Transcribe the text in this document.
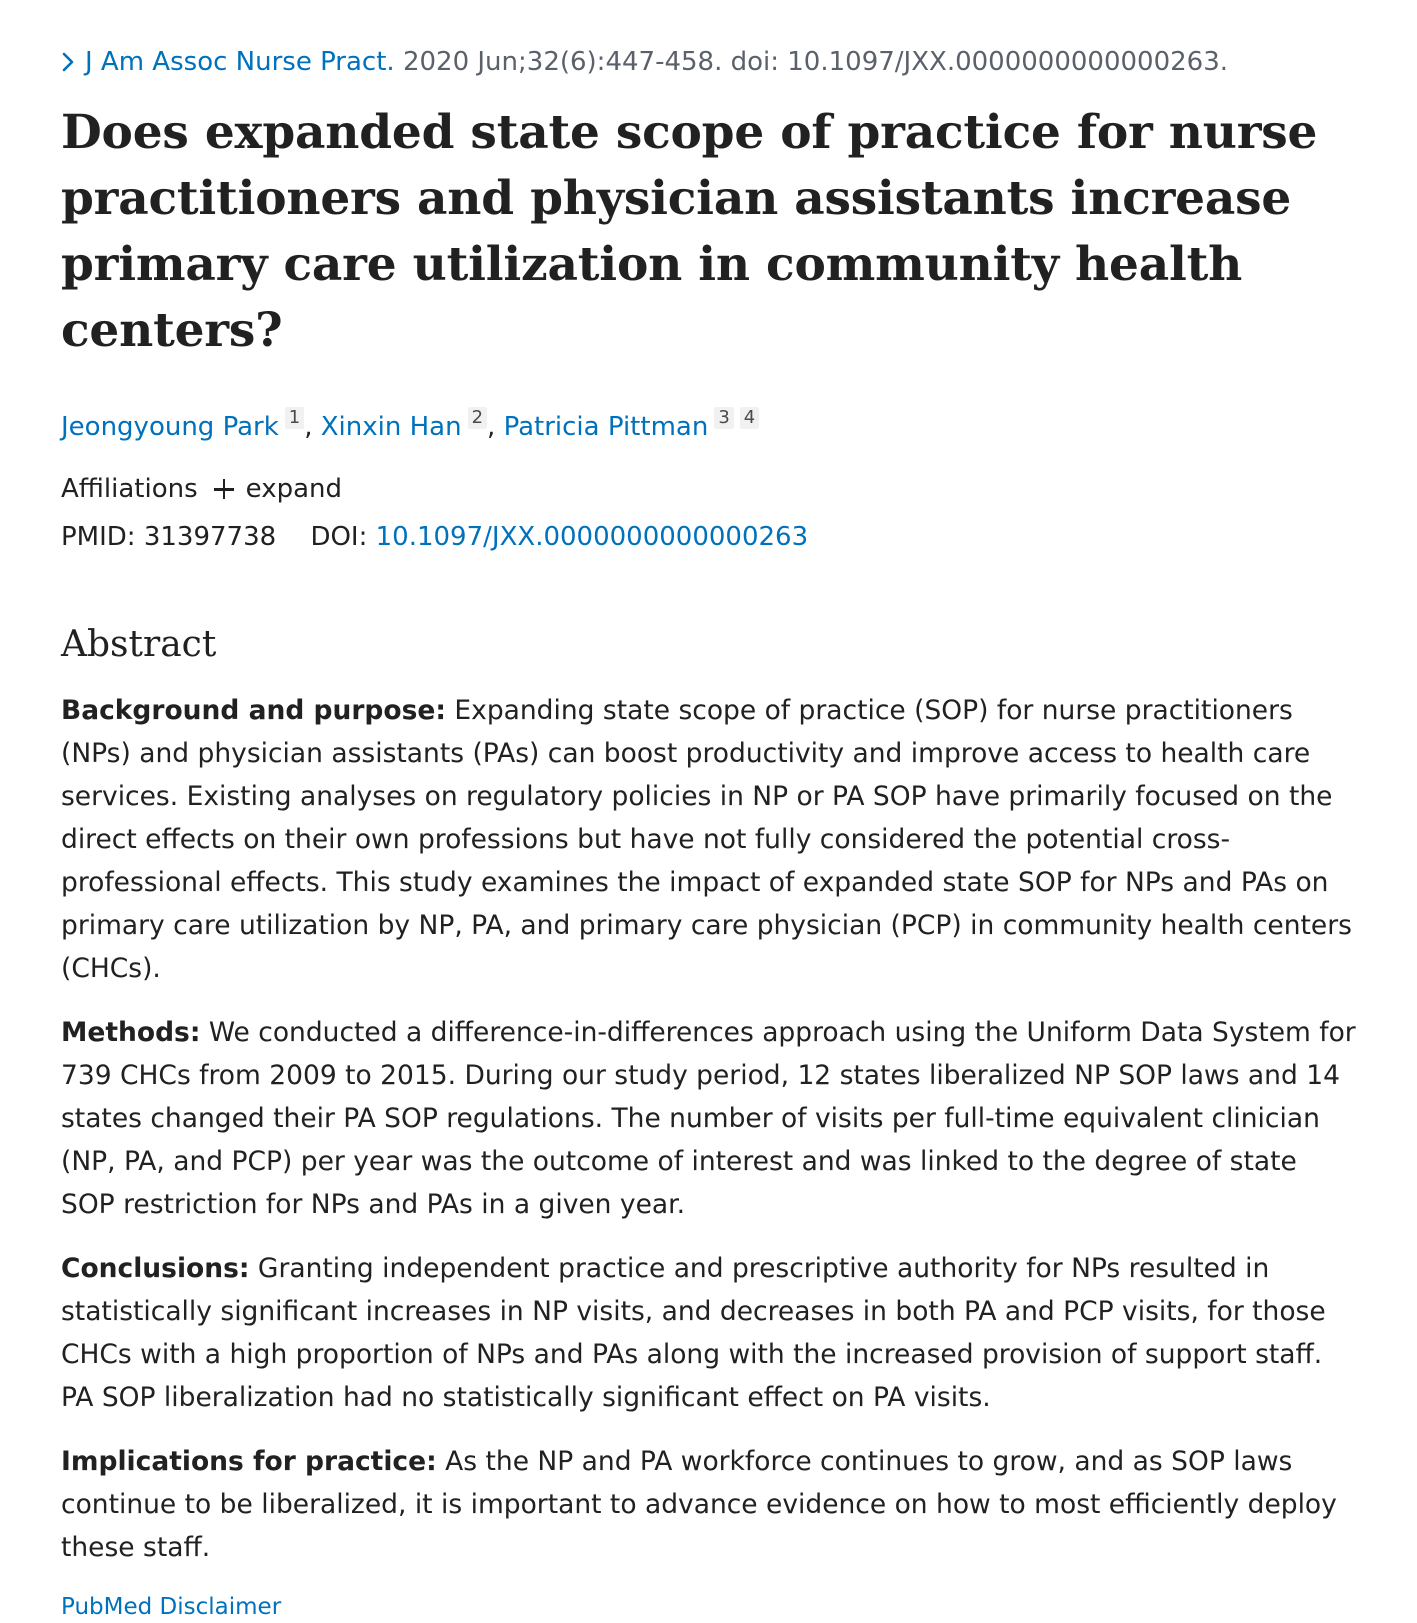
J Am Assoc Nurse Pract. 2020 Jun;32(6):447-458. doi: 10.1097/JXX.0000000000000263.
Does expanded state scope of practice for nurse practitioners and physician assistants increase primary care utilization in community health centers?
Jeongyoung Park 1 , Xinxin Han 2 , Patricia Pittman 3 4
Affiliations expand
PMID: 31397738 DOI: 10.1097/JXX.0000000000000263
Abstract

Background and purpose: Expanding state scope of practice (SOP) for nurse practitioners (NPs) and physician assistants (PAs) can boost productivity and improve access to health care services. Existing analyses on regulatory policies in NP or PA SOP have primarily focused on the direct effects on their own professions but have not fully considered the potential cross-professional effects. This study examines the impact of expanded state SOP for NPs and PAs on primary care utilization by NP, PA, and primary care physician (PCP) in community health centers (CHCs).

Methods: We conducted a difference-in-differences approach using the Uniform Data System for 739 CHCs from 2009 to 2015. During our study period, 12 states liberalized NP SOP laws and 14 states changed their PA SOP regulations. The number of visits per full-time equivalent clinician (NP, PA, and PCP) per year was the outcome of interest and was linked to the degree of state SOP restriction for NPs and PAs in a given year.

Conclusions: Granting independent practice and prescriptive authority for NPs resulted in statistically significant increases in NP visits, and decreases in both PA and PCP visits, for those CHCs with a high proportion of NPs and PAs along with the increased provision of support staff. PA SOP liberalization had no statistically significant effect on PA visits.

Implications for practice: As the NP and PA workforce continues to grow, and as SOP laws continue to be liberalized, it is important to advance evidence on how to most efficiently deploy these staff.

PubMed Disclaimer
